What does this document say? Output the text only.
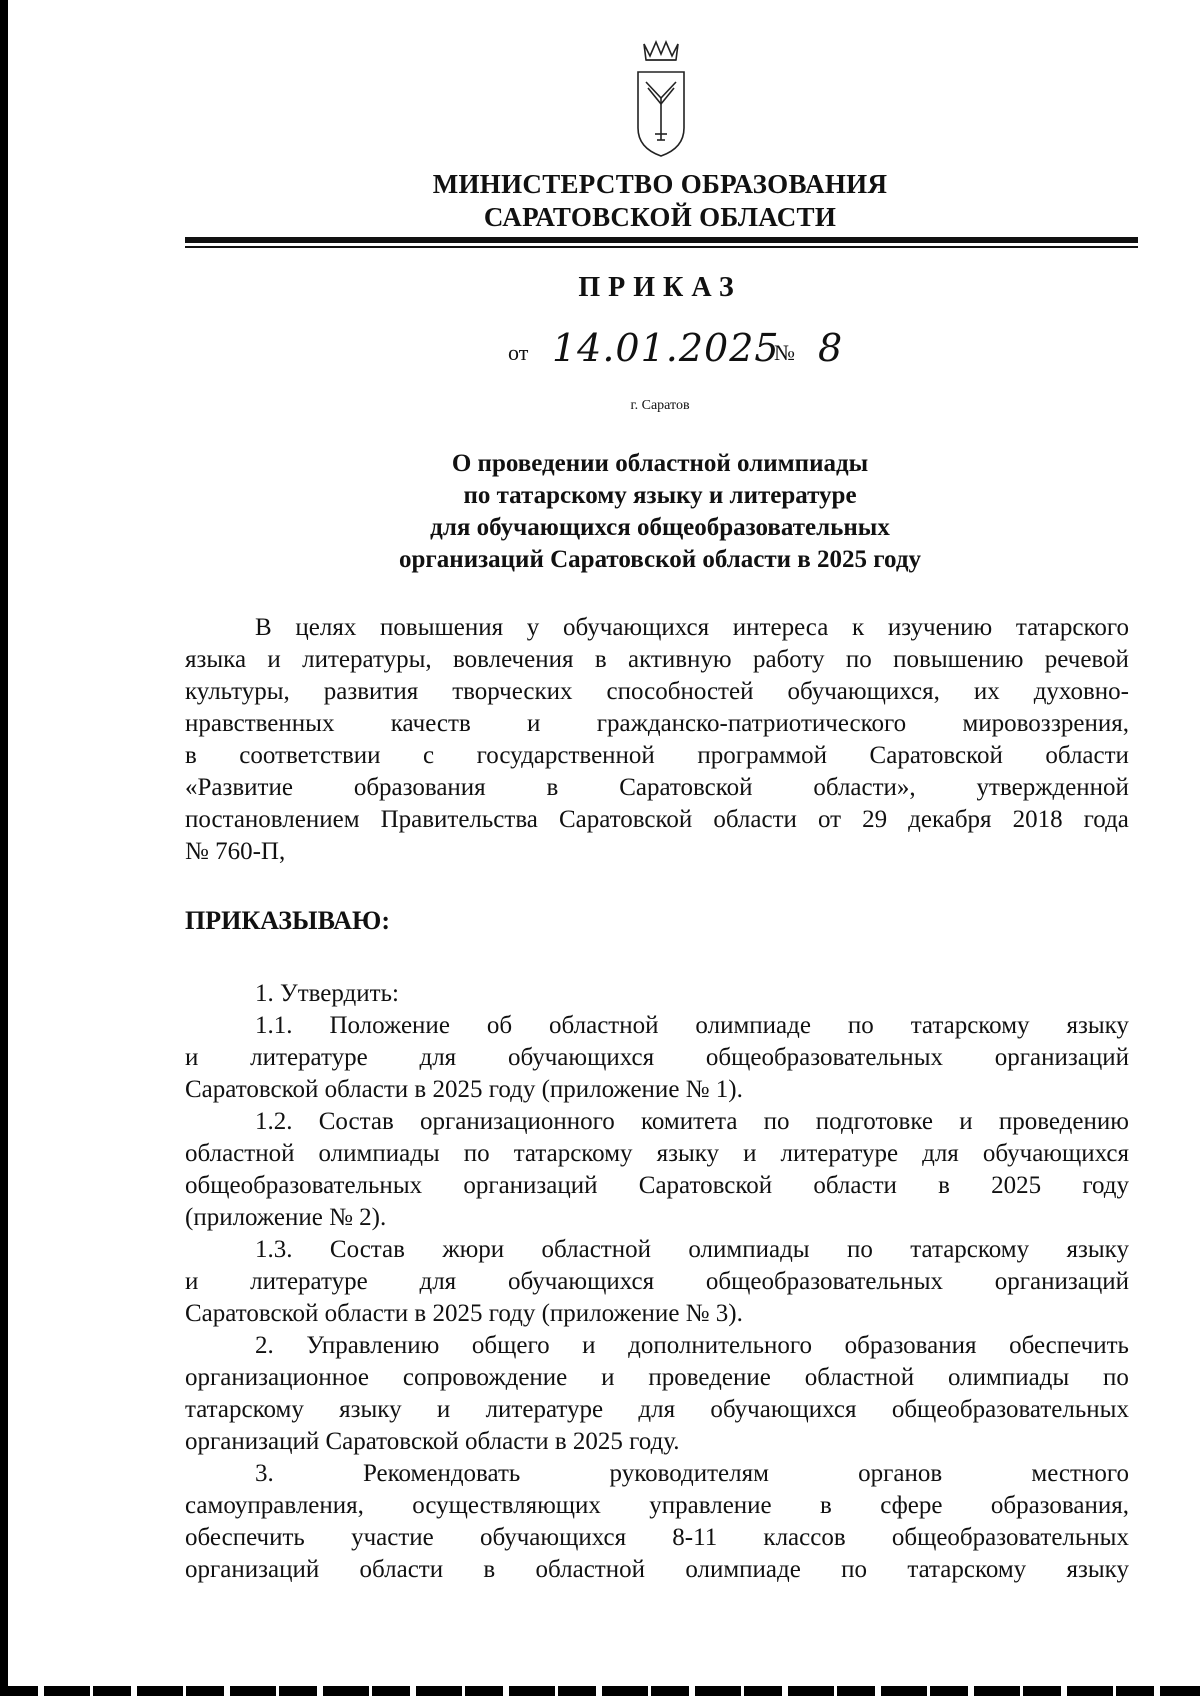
МИНИСТЕРСТВО ОБРАЗОВАНИЯ
САРАТОВСКОЙ ОБЛАСТИ
ПРИКАЗ
от 14.01.2025
№ 8
г. Саратов
О проведении областной олимпиады
по татарскому языку и литературе
для обучающихся общеобразовательных
организаций Саратовской области в 2025 году
В целях повышения у обучающихся интереса к изучению татарского
языка и литературы, вовлечения в активную работу по повышению речевой
культуры, развития творческих способностей обучающихся, их духовно-
нравственных качеств и гражданско-патриотического мировоззрения,
в соответствии с государственной программой Саратовской области
«Развитие образования в Саратовской области», утвержденной
постановлением Правительства Саратовской области от 29 декабря 2018 года
№ 760-П,
ПРИКАЗЫВАЮ:
1. Утвердить:
1.1. Положение об областной олимпиаде по татарскому языку
и литературе для обучающихся общеобразовательных организаций
Саратовской области в 2025 году (приложение № 1).
1.2. Состав организационного комитета по подготовке и проведению
областной олимпиады по татарскому языку и литературе для обучающихся
общеобразовательных организаций Саратовской области в 2025 году
(приложение № 2).
1.3. Состав жюри областной олимпиады по татарскому языку
и литературе для обучающихся общеобразовательных организаций
Саратовской области в 2025 году (приложение № 3).
2. Управлению общего и дополнительного образования обеспечить
организационное сопровождение и проведение областной олимпиады по
татарскому языку и литературе для обучающихся общеобразовательных
организаций Саратовской области в 2025 году.
3.	Рекомендовать	руководителям	органов	местного
самоуправления, осуществляющих управление в сфере образования,
обеспечить участие обучающихся 8-11 классов общеобразовательных
организаций области в областной олимпиаде по татарскому языку
